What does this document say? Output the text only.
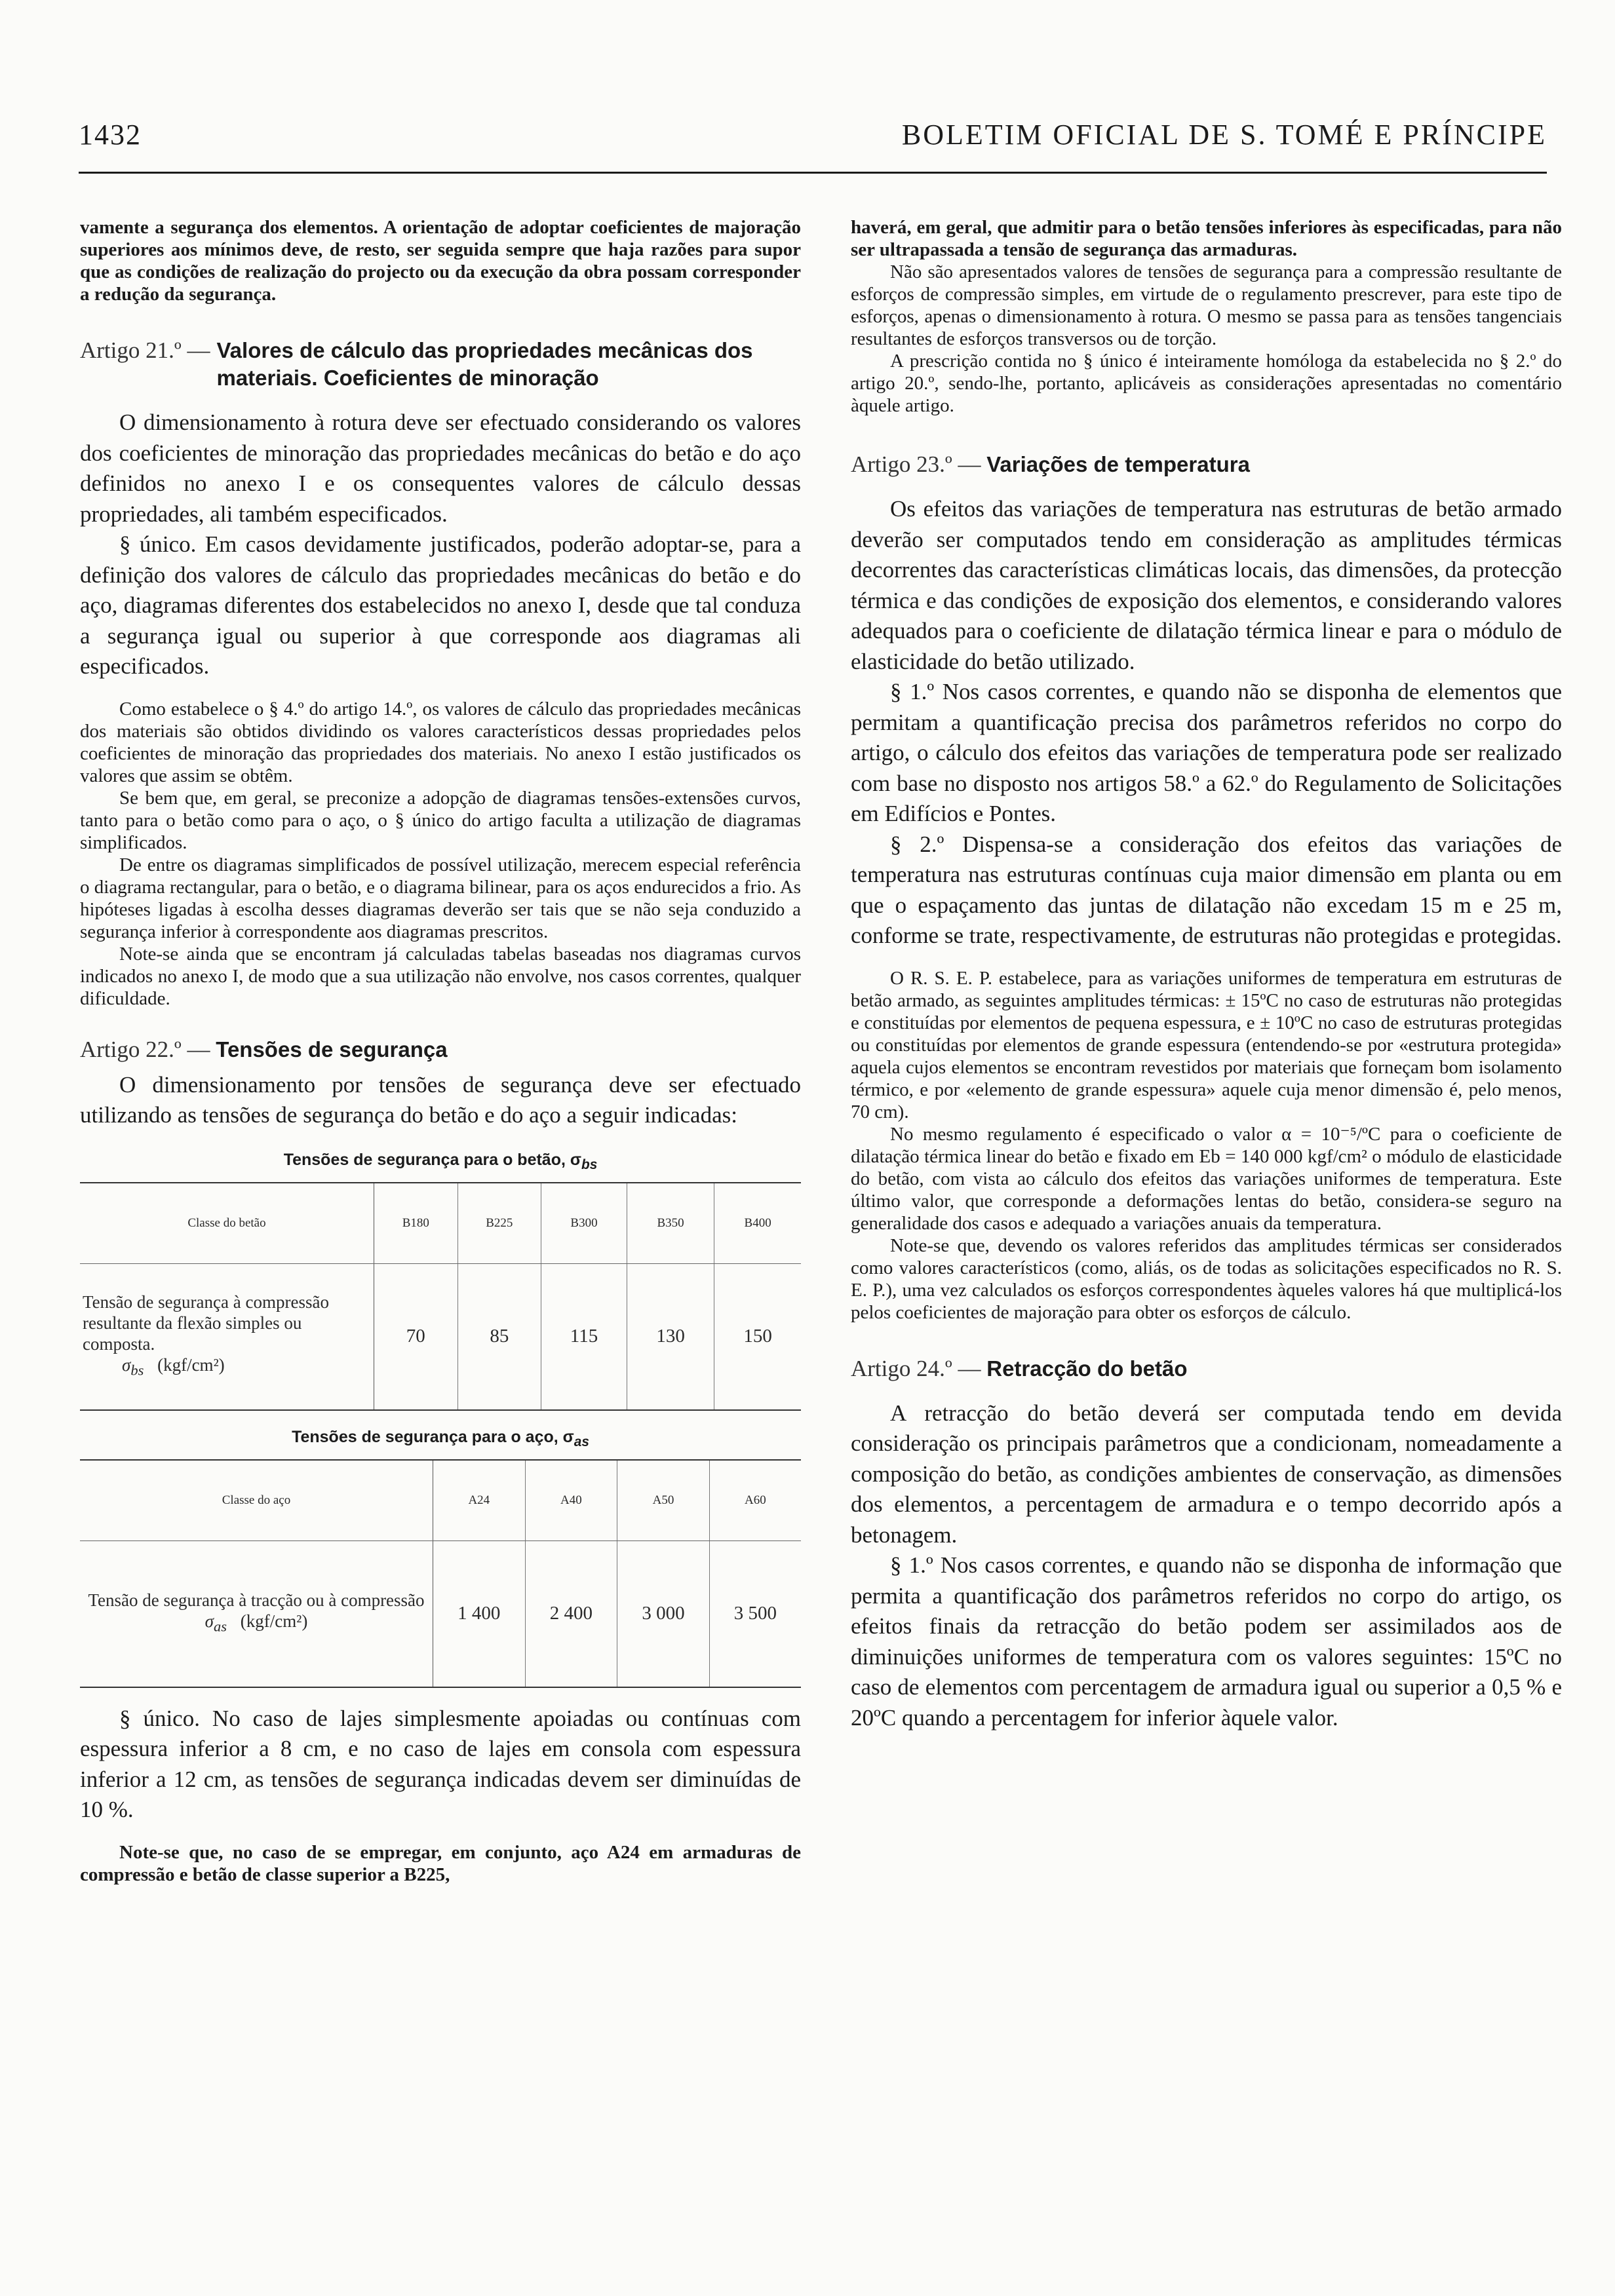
1432	BOLETIM OFICIAL DE S. TOMÉ E PRÍNCIPE

vamente a segurança dos elementos. A orientação de adoptar coeficientes de majoração superiores aos mínimos deve, de resto, ser seguida sempre que haja razões para supor que as condições de realização do projecto ou da execução da obra possam corresponder a redução da segurança.

Artigo 21.º — Valores de cálculo das propriedades mecânicas dos materiais. Coeficientes de minoração

O dimensionamento à rotura deve ser efectuado considerando os valores dos coeficientes de minoração das propriedades mecânicas do betão e do aço definidos no anexo I e os consequentes valores de cálculo dessas propriedades, ali também especificados.

§ único. Em casos devidamente justificados, poderão adoptar-se, para a definição dos valores de cálculo das propriedades mecânicas do betão e do aço, diagramas diferentes dos estabelecidos no anexo I, desde que tal conduza a segurança igual ou superior à que corresponde aos diagramas ali especificados.

Como estabelece o § 4.º do artigo 14.º, os valores de cálculo das propriedades mecânicas dos materiais são obtidos dividindo os valores característicos dessas propriedades pelos coeficientes de minoração das propriedades dos materiais. No anexo I estão justificados os valores que assim se obtêm.

Se bem que, em geral, se preconize a adopção de diagramas tensões-extensões curvos, tanto para o betão como para o aço, o § único do artigo faculta a utilização de diagramas simplificados.

De entre os diagramas simplificados de possível utilização, merecem especial referência o diagrama rectangular, para o betão, e o diagrama bilinear, para os aços endurecidos a frio. As hipóteses ligadas à escolha desses diagramas deverão ser tais que se não seja conduzido a segurança inferior à correspondente aos diagramas prescritos.

Note-se ainda que se encontram já calculadas tabelas baseadas nos diagramas curvos indicados no anexo I, de modo que a sua utilização não envolve, nos casos correntes, qualquer dificuldade.

Artigo 22.º — Tensões de segurança

O dimensionamento por tensões de segurança deve ser efectuado utilizando as tensões de segurança do betão e do aço a seguir indicadas:

Tensões de segurança para o betão, $\sigma_{bs}$
Classe do betão	B180	B225	B300	B350	B400
Tensão de segurança à compressão resultante da flexão simples ou composta.
$\sigma_{bs}$ (kgf/cm²)	70	85	115	130	150
Tensões de segurança para o aço, $\sigma_{as}$
Classe do aço	A24	A40	A50	A60
Tensão de segurança à tracção ou à compressão
$\sigma_{as}$ (kgf/cm²)	1 400	2 400	3 000	3 500

§ único. No caso de lajes simplesmente apoiadas ou contínuas com espessura inferior a 8 cm, e no caso de lajes em consola com espessura inferior a 12 cm, as tensões de segurança indicadas devem ser diminuídas de 10 %.

Note-se que, no caso de se empregar, em conjunto, aço A24 em armaduras de compressão e betão de classe superior a B225,

haverá, em geral, que admitir para o betão tensões inferiores às especificadas, para não ser ultrapassada a tensão de segurança das armaduras.

Não são apresentados valores de tensões de segurança para a compressão resultante de esforços de compressão simples, em virtude de o regulamento prescrever, para este tipo de esforços, apenas o dimensionamento à rotura. O mesmo se passa para as tensões tangenciais resultantes de esforços transversos ou de torção.

A prescrição contida no § único é inteiramente homóloga da estabelecida no § 2.º do artigo 20.º, sendo-lhe, portanto, aplicáveis as considerações apresentadas no comentário àquele artigo.

Artigo 23.º — Variações de temperatura

Os efeitos das variações de temperatura nas estruturas de betão armado deverão ser computados tendo em consideração as amplitudes térmicas decorrentes das características climáticas locais, das dimensões, da protecção térmica e das condições de exposição dos elementos, e considerando valores adequados para o coeficiente de dilatação térmica linear e para o módulo de elasticidade do betão utilizado.

§ 1.º Nos casos correntes, e quando não se disponha de elementos que permitam a quantificação precisa dos parâmetros referidos no corpo do artigo, o cálculo dos efeitos das variações de temperatura pode ser realizado com base no disposto nos artigos 58.º a 62.º do Regulamento de Solicitações em Edifícios e Pontes.

§ 2.º Dispensa-se a consideração dos efeitos das variações de temperatura nas estruturas contínuas cuja maior dimensão em planta ou em que o espaçamento das juntas de dilatação não excedam 15 m e 25 m, conforme se trate, respectivamente, de estruturas não protegidas e protegidas.

O R. S. E. P. estabelece, para as variações uniformes de temperatura em estruturas de betão armado, as seguintes amplitudes térmicas: ± 15ºC no caso de estruturas não protegidas e constituídas por elementos de pequena espessura, e ± 10ºC no caso de estruturas protegidas ou constituídas por elementos de grande espessura (entendendo-se por «estrutura protegida» aquela cujos elementos se encontram revestidos por materiais que forneçam bom isolamento térmico, e por «elemento de grande espessura» aquele cuja menor dimensão é, pelo menos, 70 cm).

No mesmo regulamento é especificado o valor α = 10⁻⁵/ºC para o coeficiente de dilatação térmica linear do betão e fixado em Eb = 140 000 kgf/cm² o módulo de elasticidade do betão, com vista ao cálculo dos efeitos das variações uniformes de temperatura. Este último valor, que corresponde a deformações lentas do betão, considera-se seguro na generalidade dos casos e adequado a variações anuais da temperatura.

Note-se que, devendo os valores referidos das amplitudes térmicas ser considerados como valores característicos (como, aliás, os de todas as solicitações especificados no R. S. E. P.), uma vez calculados os esforços correspondentes àqueles valores há que multiplicá-los pelos coeficientes de majoração para obter os esforços de cálculo.

Artigo 24.º — Retracção do betão

A retracção do betão deverá ser computada tendo em devida consideração os principais parâmetros que a condicionam, nomeadamente a composição do betão, as condições ambientes de conservação, as dimensões dos elementos, a percentagem de armadura e o tempo decorrido após a betonagem.

§ 1.º Nos casos correntes, e quando não se disponha de informação que permita a quantificação dos parâmetros referidos no corpo do artigo, os efeitos finais da retracção do betão podem ser assimilados aos de diminuições uniformes de temperatura com os valores seguintes: 15ºC no caso de elementos com percentagem de armadura igual ou superior a 0,5 % e 20ºC quando a percentagem for inferior àquele valor.
